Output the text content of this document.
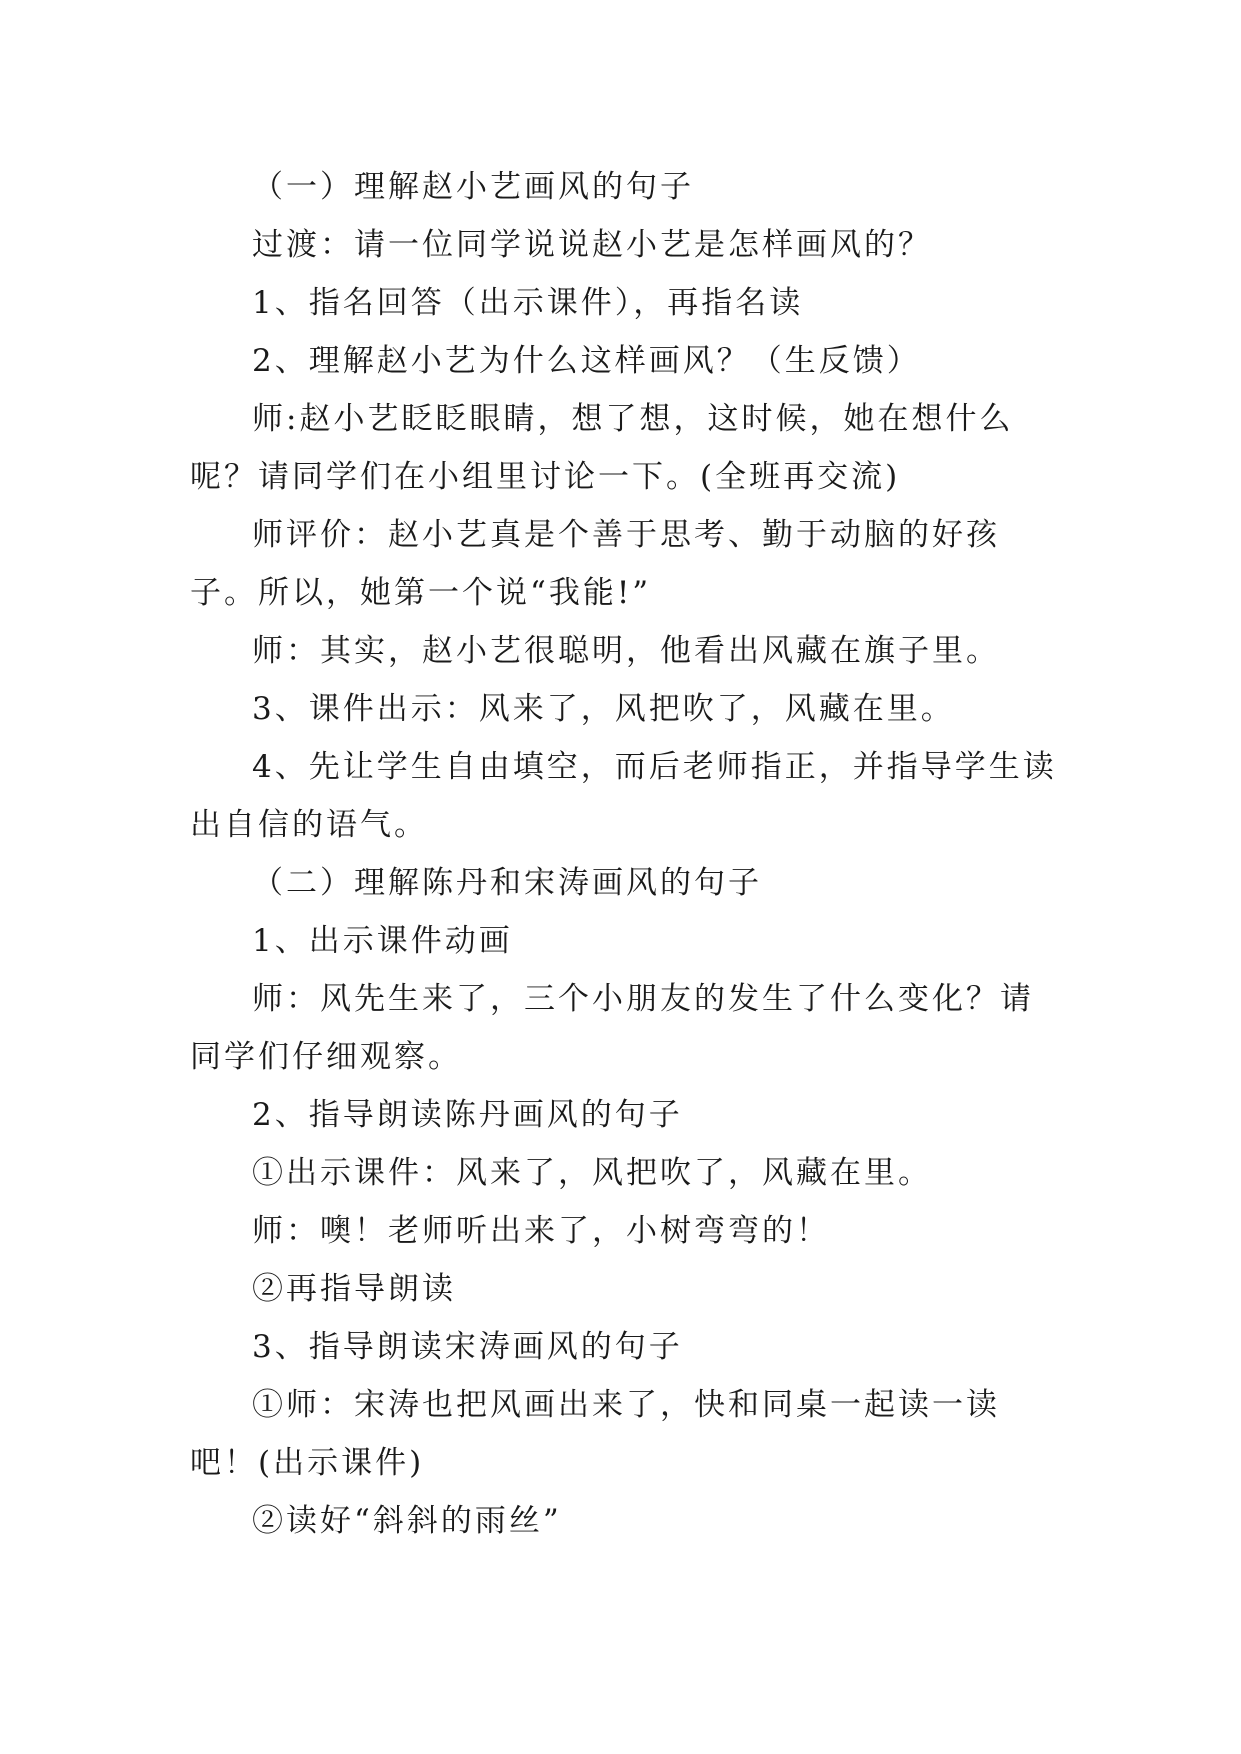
（一）理解赵小艺画风的句子

过渡：请一位同学说说赵小艺是怎样画风的？

1、指名回答（出示课件），再指名读

2、理解赵小艺为什么这样画风？（生反馈）

师:赵小艺眨眨眼睛，想了想，这时候，她在想什么呢？请同学们在小组里讨论一下。(全班再交流)

师评价：赵小艺真是个善于思考、勤于动脑的好孩子。所以，她第一个说“我能!”

师：其实，赵小艺很聪明，他看出风藏在旗子里。

3、课件出示：风来了，风把吹了，风藏在里。

4、先让学生自由填空，而后老师指正，并指导学生读出自信的语气。

（二）理解陈丹和宋涛画风的句子

1、出示课件动画

师：风先生来了，三个小朋友的发生了什么变化？请同学们仔细观察。

2、指导朗读陈丹画风的句子

①出示课件：风来了，风把吹了，风藏在里。

师：噢！老师听出来了，小树弯弯的！

②再指导朗读

3、指导朗读宋涛画风的句子

①师：宋涛也把风画出来了，快和同桌一起读一读吧！(出示课件)

②读好“斜斜的雨丝”
